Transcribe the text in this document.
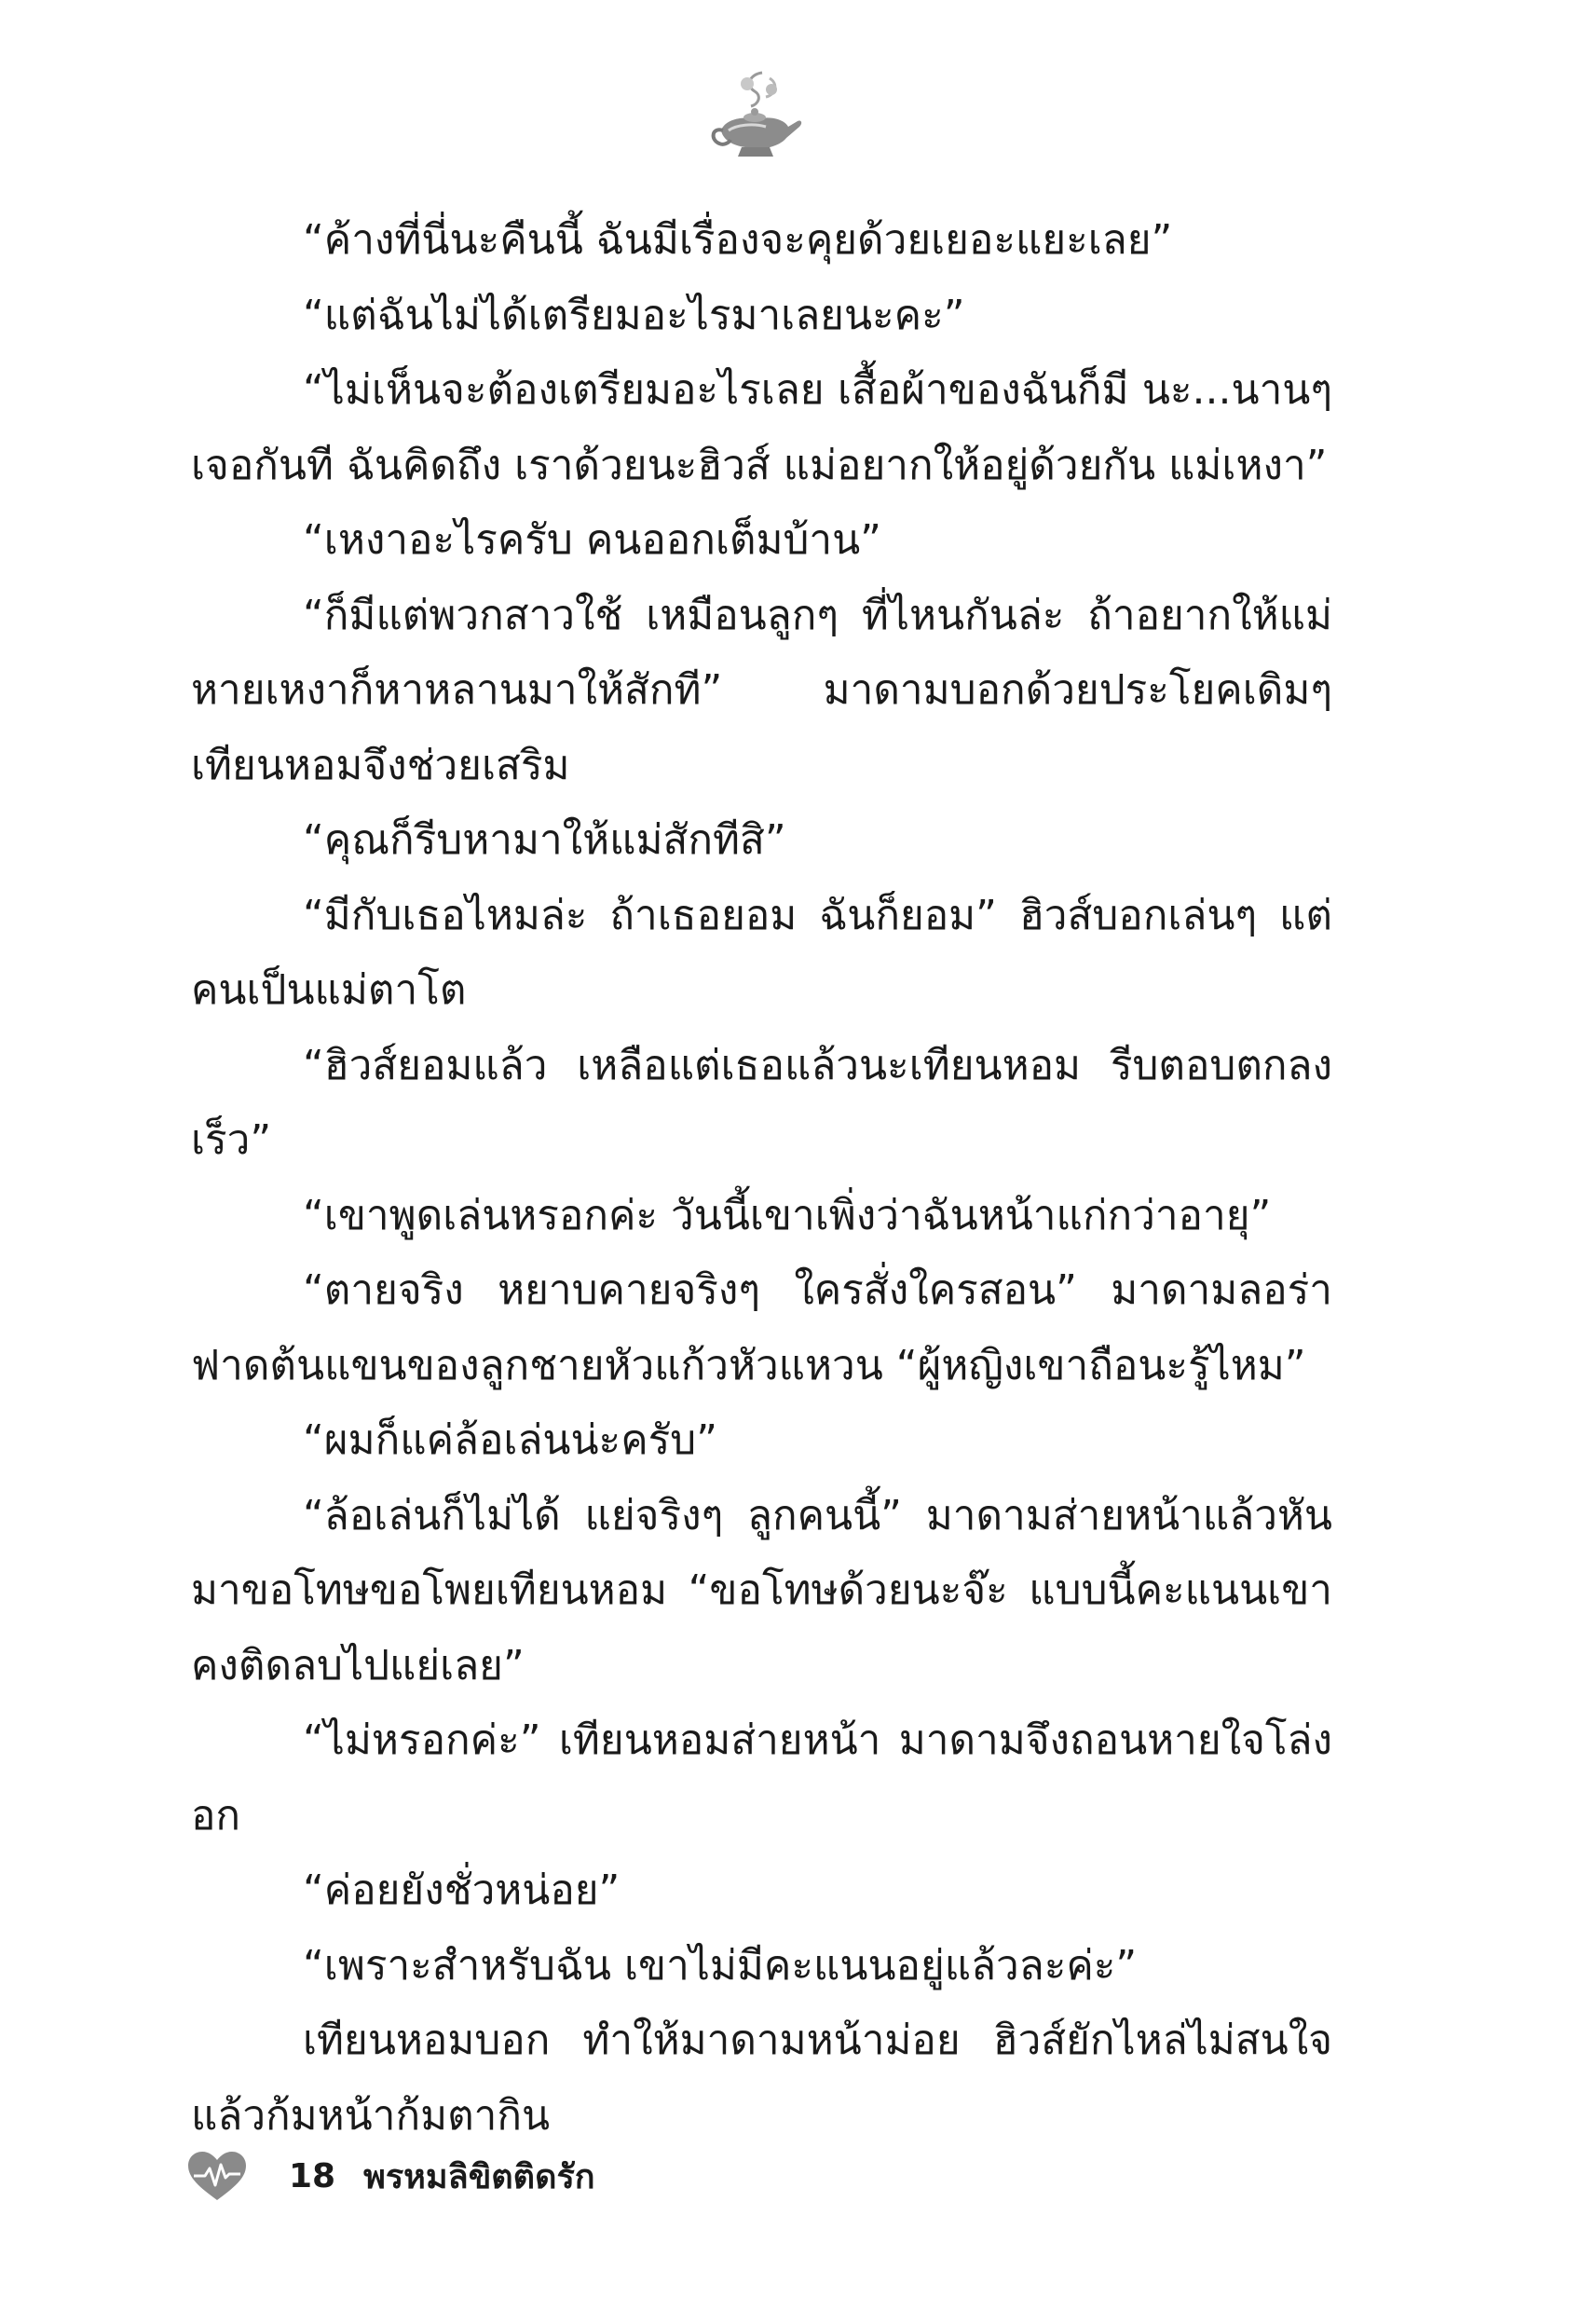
“ค้างที่นี่นะคืนนี้ ฉันมีเรื่องจะคุยด้วยเยอะแยะเลย”

“แต่ฉันไม่ได้เตรียมอะไรมาเลยนะคะ”

“ไม่เห็นจะต้องเตรียมอะไรเลย เสื้อผ้าของฉันก็มี นะ...นานๆ เจอกันที ฉันคิดถึง เราด้วยนะฮิวส์ แม่อยากให้อยู่ด้วยกัน แม่เหงา”

“เหงาอะไรครับ คนออกเต็มบ้าน”

“ก็มีแต่พวกสาวใช้ เหมือนลูกๆ ที่ไหนกันล่ะ ถ้าอยากให้แม่หายเหงาก็หาหลานมาให้สักที” มาดามบอกด้วยประโยคเดิมๆ เทียนหอมจึงช่วยเสริม

“คุณก็รีบหามาให้แม่สักทีสิ”

“มีกับเธอไหมล่ะ ถ้าเธอยอม ฉันก็ยอม” ฮิวส์บอกเล่นๆ แต่คนเป็นแม่ตาโต

“ฮิวส์ยอมแล้ว เหลือแต่เธอแล้วนะเทียนหอม รีบตอบตกลงเร็ว”

“เขาพูดเล่นหรอกค่ะ วันนี้เขาเพิ่งว่าฉันหน้าแก่กว่าอายุ”

“ตายจริง หยาบคายจริงๆ ใครสั่งใครสอน” มาดามลอร่าฟาดต้นแขนของลูกชายหัวแก้วหัวแหวน “ผู้หญิงเขาถือนะรู้ไหม”

“ผมก็แค่ล้อเล่นน่ะครับ”

“ล้อเล่นก็ไม่ได้ แย่จริงๆ ลูกคนนี้” มาดามส่ายหน้าแล้วหันมาขอโทษขอโพยเทียนหอม “ขอโทษด้วยนะจ๊ะ แบบนี้คะแนนเขาคงติดลบไปแย่เลย”

“ไม่หรอกค่ะ” เทียนหอมส่ายหน้า มาดามจึงถอนหายใจโล่งอก

“ค่อยยังชั่วหน่อย”

“เพราะสำหรับฉัน เขาไม่มีคะแนนอยู่แล้วละค่ะ”

เทียนหอมบอก ทำให้มาดามหน้าม่อย ฮิวส์ยักไหล่ไม่สนใจแล้วก้มหน้าก้มตากิน

18 พรหมลิขิตติดรัก
